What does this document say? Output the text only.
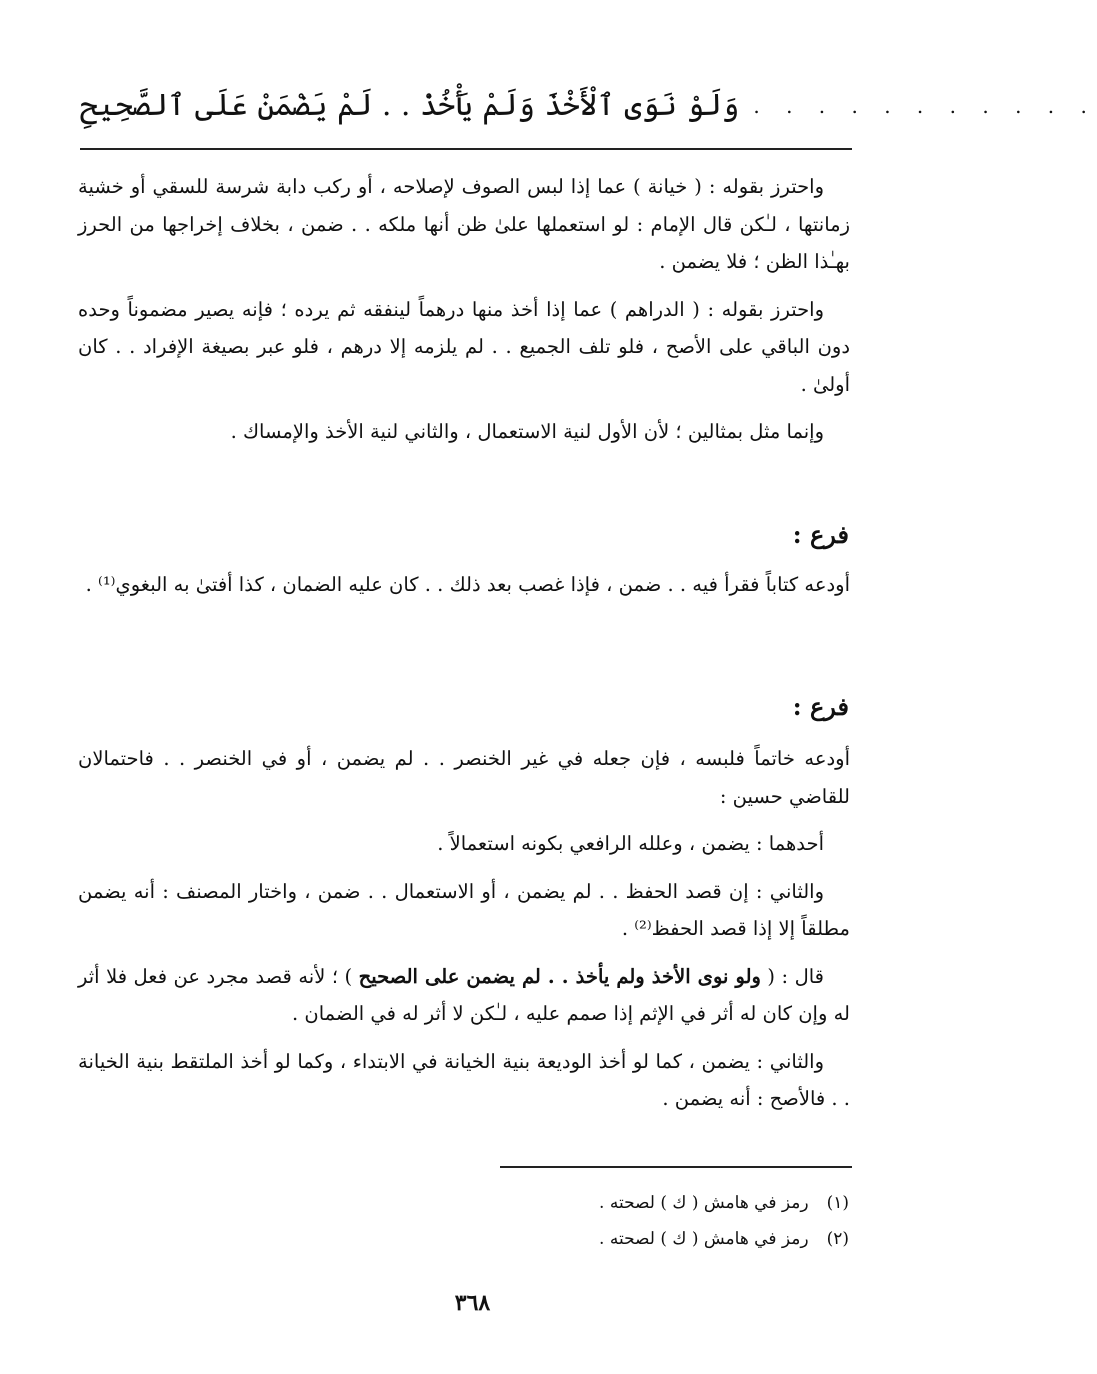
وَلَوْ نَوَى ٱلْأَخْذَ وَلَمْ يَأْخُذْ . . لَمْ يَضْمَنْ عَلَى ٱلصَّحِيحِ . . . . . . . . . . .

واحترز بقوله : ( خيانة ) عما إذا لبس الصوف لإصلاحه ، أو ركب دابة شرسة للسقي أو خشية زمانتها ، لـٰكن قال الإمام : لو استعملها علىٰ ظن أنها ملكه . . ضمن ، بخلاف إخراجها من الحرز بهـٰذا الظن ؛ فلا يضمن .

واحترز بقوله : ( الدراهم ) عما إذا أخذ منها درهماً لينفقه ثم يرده ؛ فإنه يصير مضموناً وحده دون الباقي على الأصح ، فلو تلف الجميع . . لم يلزمه إلا درهم ، فلو عبر بصيغة الإفراد . . كان أولىٰ .

وإنما مثل بمثالين ؛ لأن الأول لنية الاستعمال ، والثاني لنية الأخذ والإمساك .

فرع :

أودعه كتاباً فقرأ فيه . . ضمن ، فإذا غصب بعد ذلك . . كان عليه الضمان ، كذا أفتىٰ به البغوي⁽¹⁾ .

فرع :

أودعه خاتماً فلبسه ، فإن جعله في غير الخنصر . . لم يضمن ، أو في الخنصر . . فاحتمالان للقاضي حسين :

أحدهما : يضمن ، وعلله الرافعي بكونه استعمالاً .

والثاني : إن قصد الحفظ . . لم يضمن ، أو الاستعمال . . ضمن ، واختار المصنف : أنه يضمن مطلقاً إلا إذا قصد الحفظ⁽²⁾ .

قال : ( ولو نوى الأخذ ولم يأخذ . . لم يضمن على الصحيح ) ؛ لأنه قصد مجرد عن فعل فلا أثر له وإن كان له أثر في الإثم إذا صمم عليه ، لـٰكن لا أثر له في الضمان .

والثاني : يضمن ، كما لو أخذ الوديعة بنية الخيانة في الابتداء ، وكما لو أخذ الملتقط بنية الخيانة . . فالأصح : أنه يضمن .

(١)
رمز في هامش ( ك ) لصحته .
(٢)
رمز في هامش ( ك ) لصحته .
٣٦٨
